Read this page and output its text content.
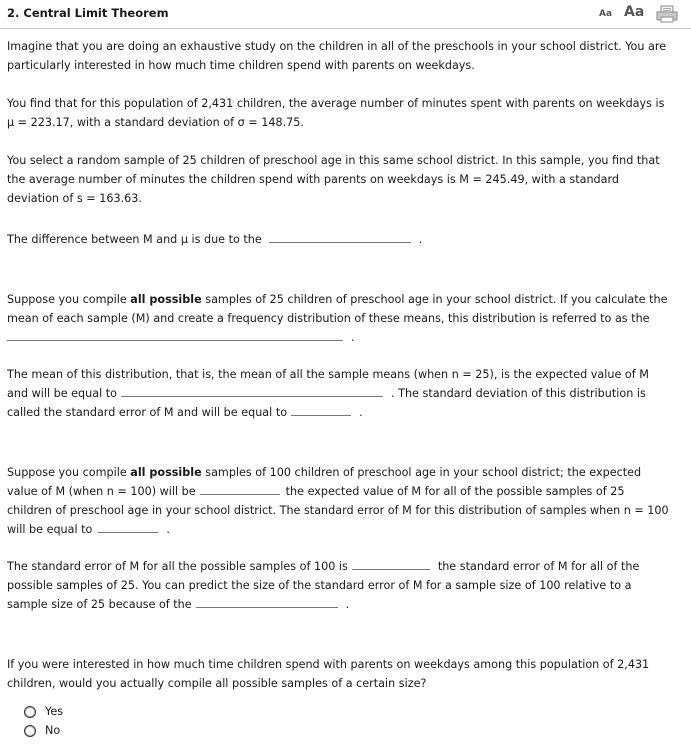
2. Central Limit Theorem	Aa Aa
Imagine that you are doing an exhaustive study on the children in all of the preschools in your school district. You are
particularly interested in how much time children spend with parents on weekdays.
You find that for this population of 2,431 children, the average number of minutes spent with parents on weekdays is
μ = 223.17, with a standard deviation of σ = 148.75.
You select a random sample of 25 children of preschool age in this same school district. In this sample, you find that
the average number of minutes the children spend with parents on weekdays is M = 245.49, with a standard
deviation of s = 163.63.
The difference between M and μ is due to the	.
Suppose you compile all possible samples of 25 children of preschool age in your school district. If you calculate the
mean of each sample (M) and create a frequency distribution of these means, this distribution is referred to as the
.
The mean of this distribution, that is, the mean of all the sample means (when n = 25), is the expected value of M
and will be equal to	. The standard deviation of this distribution is
called the standard error of M and will be equal to	.
Suppose you compile all possible samples of 100 children of preschool age in your school district; the expected
value of M (when n = 100) will be	the expected value of M for all of the possible samples of 25
children of preschool age in your school district. The standard error of M for this distribution of samples when n = 100
will be equal to	.
The standard error of M for all the possible samples of 100 is	the standard error of M for all of the
possible samples of 25. You can predict the size of the standard error of M for a sample size of 100 relative to a
sample size of 25 because of the	.
If you were interested in how much time children spend with parents on weekdays among this population of 2,431
children, would you actually compile all possible samples of a certain size?
Yes
No
